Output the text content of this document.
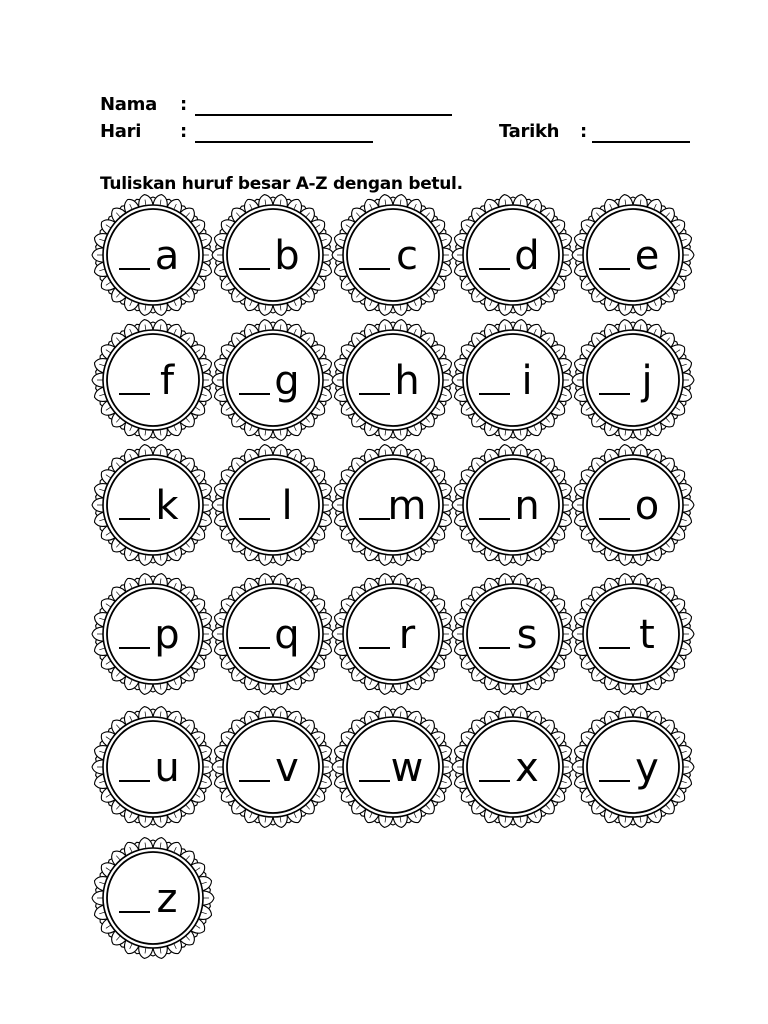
Nama :
Hari :	Tarikh :
Tuliskan huruf besar A-Z dengan betul.
a b c d e
f	g h	i	j
k	l m n o
p q r	s	t
u v w x y
z
